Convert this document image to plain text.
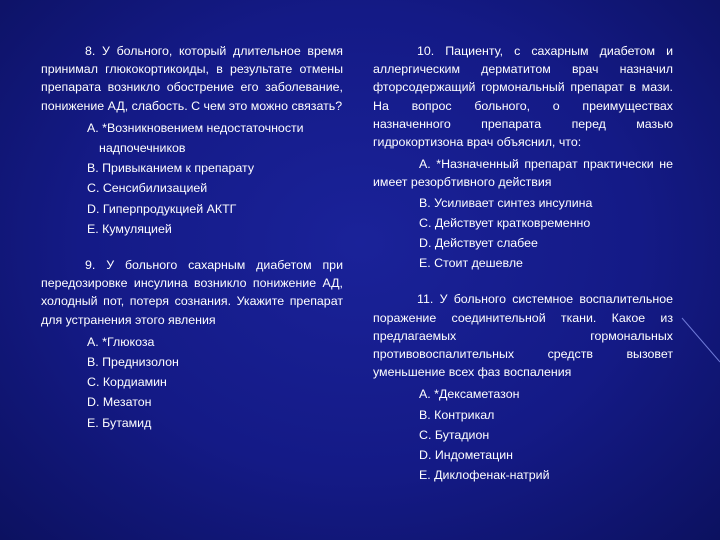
8. У больного, который длительное время принимал глюкокортикоиды, в результате отмены препарата возникло обострение его заболевание, понижение АД, слабость. С чем это можно связать?

A. *Возникновением недостаточности
надпочечников
B. Привыканием к препарату
C. Сенсибилизацией
D. Гиперпродукцией АКТГ
E. Кумуляцией

9. У больного сахарным диабетом при передозировке инсулина возникло понижение АД, холодный пот, потеря сознания. Укажите препарат для устранения этого явления

A. *Глюкоза
B. Преднизолон
C. Кордиамин
D. Мезатон
E. Бутамид

10. Пациенту, с сахарным диабетом и аллергическим дерматитом врач назначил фторсодержащий гормональный препарат в мази. На вопрос больного, о преимуществах назначенного препарата перед мазью гидрокортизона врач объяснил, что:

A. *Назначенный препарат практически не имеет резорбтивного действия
B. Усиливает синтез инсулина
C. Действует кратковременно
D. Действует слабее
E. Стоит дешевле

11. У больного системное воспалительное поражение соединительной ткани. Какое из предлагаемых гормональных противовоспалительных средств вызовет уменьшение всех фаз воспаления

A. *Дексаметазон
B. Контрикал
C. Бутадион
D. Индометацин
E. Диклофенак-натрий
